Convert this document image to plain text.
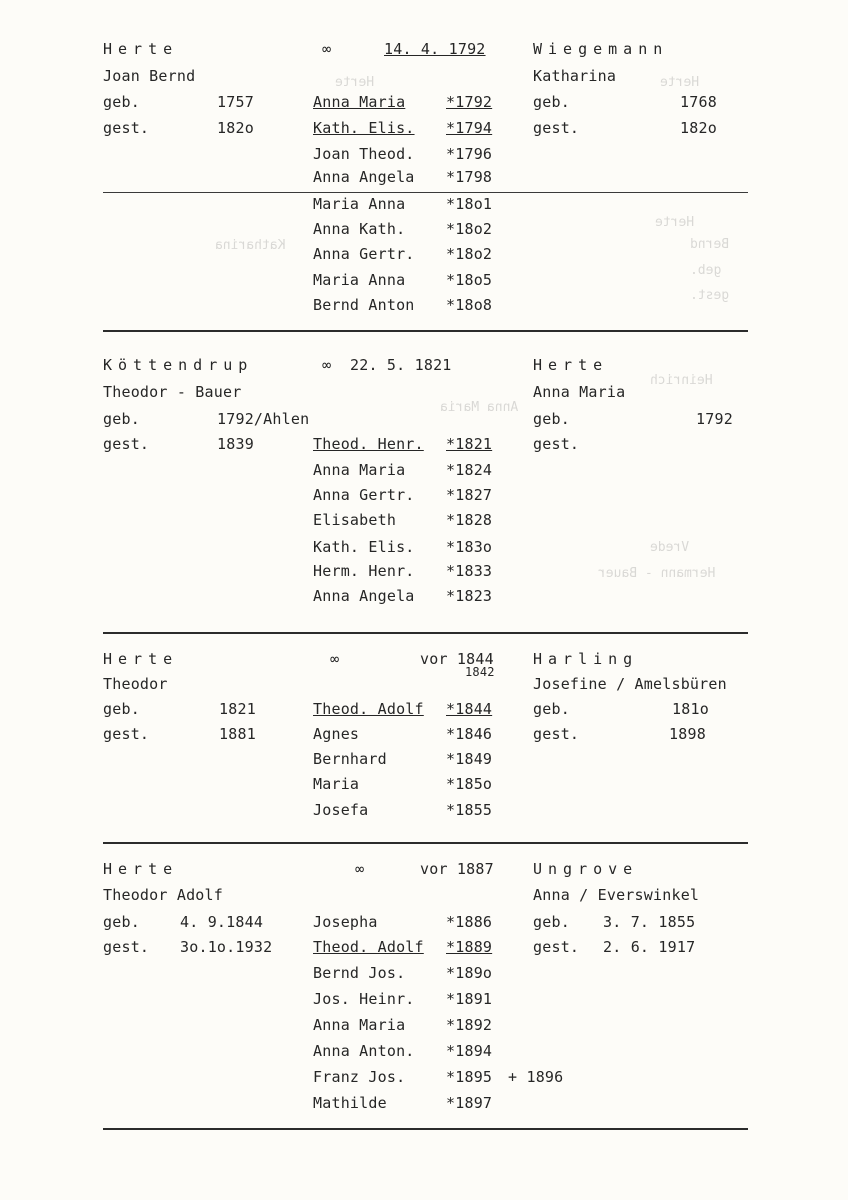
Herte
Herte
Bernd
geb.
gest.
Vrede
Hermann - Bauer
Heinrich
Katharina
Herte
Anna Maria
Herte
Joan Bernd
geb.	1757
gest.	182o
∞	14. 4. 1792	Wiegemann
Katharina
geb.	1768
gest.	182o
Anna Maria	*1792
Kath. Elis. *1794
Joan Theod. *1796
Anna Angela *1798
Maria Anna	*18o1
Anna Kath.	*18o2
Anna Gertr. *18o2
Maria Anna	*18o5
Bernd Anton *18o8
Köttendrup
Theodor - Bauer
geb.	1792/Ahlen
gest.	1839
∞ 22. 5. 1821	Herte
Anna Maria
geb.	1792
gest.
Theod. Henr. *1821
Anna Maria	*1824
Anna Gertr. *1827
Elisabeth	*1828
Kath. Elis. *183o
Herm. Henr. *1833
Anna Angela *1823
Herte
Theodor
geb.	1821
gest.	1881
∞	vor 1844
1842
Harling
Josefine / Amelsbüren
geb.	181o
gest.	1898
Theod. Adolf *1844
Agnes	*1846
Bernhard	*1849
Maria	*185o
Josefa	*1855
Herte
Theodor Adolf
geb.	4. 9.1844
gest. 3o.1o.1932
∞	vor 1887	Ungrove
Anna / Everswinkel
geb. 3. 7. 1855
gest. 2. 6. 1917
Josepha	*1886
Theod. Adolf *1889
Bernd Jos.	*189o
Jos. Heinr. *1891
Anna Maria	*1892
Anna Anton. *1894
Franz Jos.	*1895 + 1896
Mathilde	*1897
